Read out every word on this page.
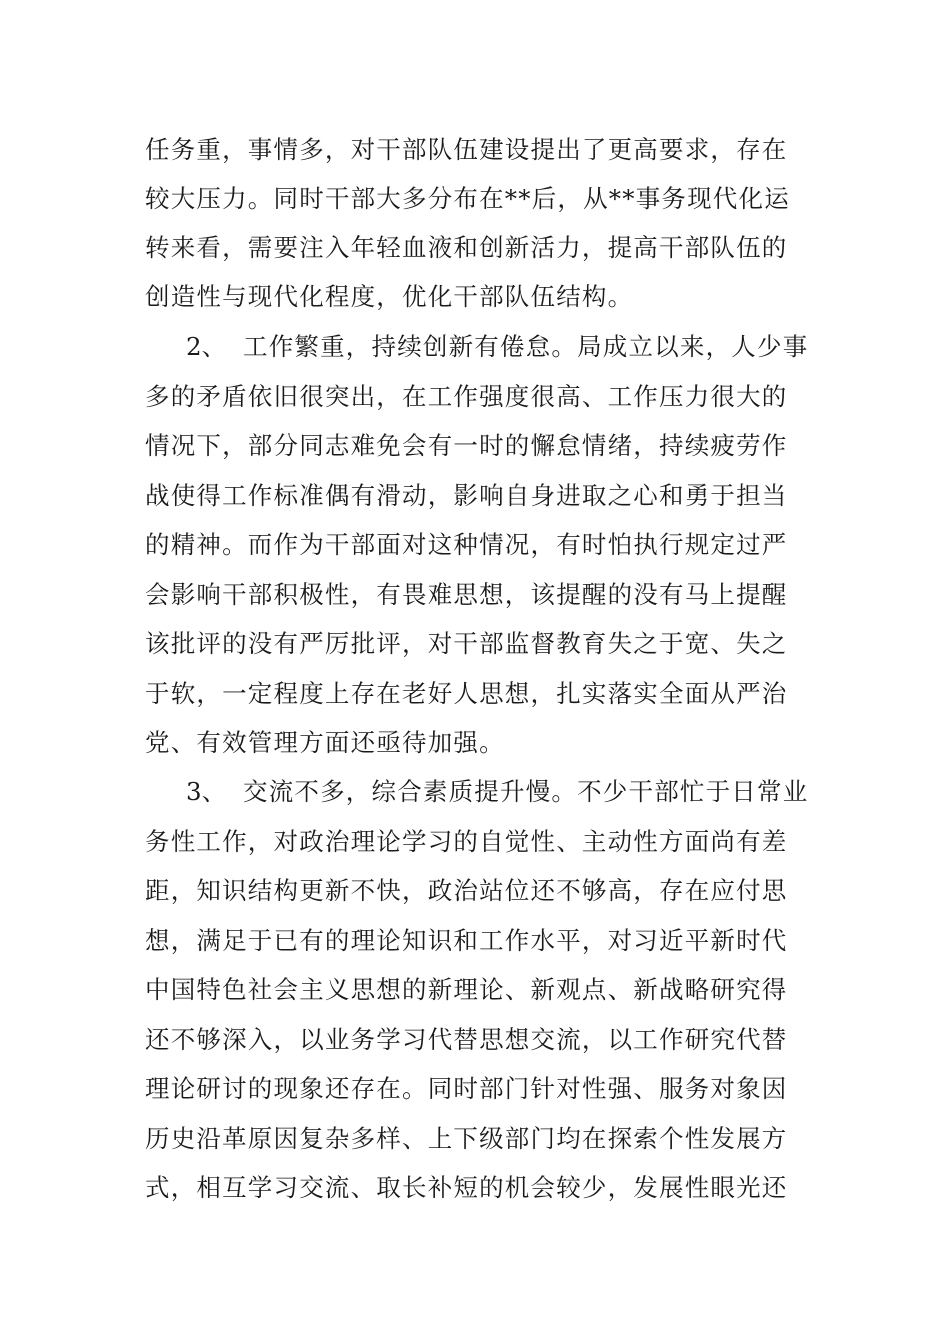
任务重，事情多，对干部队伍建设提出了更高要求，存在
较大压力。同时干部大多分布在**后，从**事务现代化运
转来看，需要注入年轻血液和创新活力，提高干部队伍的
创造性与现代化程度，优化干部队伍结构。
2、 工作繁重，持续创新有倦怠。局成立以来，人少事
多的矛盾依旧很突出，在工作强度很高、工作压力很大的
情况下，部分同志难免会有一时的懈怠情绪，持续疲劳作
战使得工作标准偶有滑动，影响自身进取之心和勇于担当
的精神。而作为干部面对这种情况，有时怕执行规定过严
会影响干部积极性，有畏难思想，该提醒的没有马上提醒
该批评的没有严厉批评，对干部监督教育失之于宽、失之
于软，一定程度上存在老好人思想，扎实落实全面从严治
党、有效管理方面还亟待加强。
3、 交流不多，综合素质提升慢。不少干部忙于日常业
务性工作，对政治理论学习的自觉性、主动性方面尚有差
距，知识结构更新不快，政治站位还不够高，存在应付思
想，满足于已有的理论知识和工作水平，对习近平新时代
中国特色社会主义思想的新理论、新观点、新战略研究得
还不够深入，以业务学习代替思想交流，以工作研究代替
理论研讨的现象还存在。同时部门针对性强、服务对象因
历史沿革原因复杂多样、上下级部门均在探索个性发展方
式，相互学习交流、取长补短的机会较少，发展性眼光还
